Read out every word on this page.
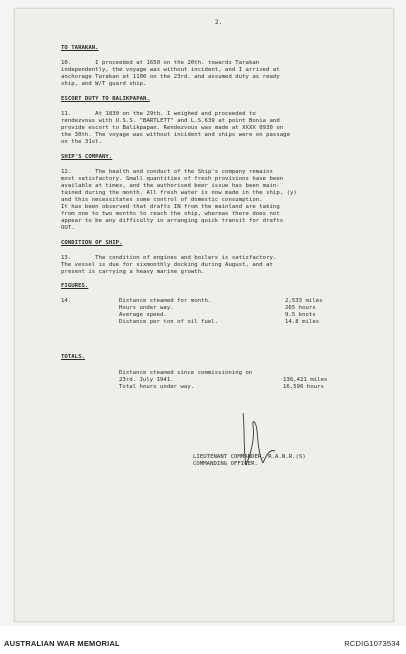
2.
TO TARAKAN.
10.       I proceeded at 1650 on the 20th. towards Tarakan
independently, the voyage was without incident, and I arrived at
anchorage Tarakan at 1100 on the 23rd. and assumed duty as ready
ship, and W/T guard ship.
ESCORT DUTY TO BALIKPAPAN.
11.       At 1830 on the 29th. I weighed and proceeded to
rendezvous with U.S.S. "BARTLETT" and L.S.639 at point Bonia and
provide escort to Balikpapan. Rendezvous was made at XXXX 0930 on
the 30th. The voyage was without incident and ships were on passage
on the 31st.
SHIP'S COMPANY.
12.       The health and conduct of the Ship's company remains
most satisfactory. Small quantities of fresh provisions have been
available at times, and the authorised beer issue has been main-
tained during the month. All fresh water is now made in the ship, (y)
and this necessitates some control of domestic consumption.
It has been observed that drafts IN from the mainland are taking
from one to two months to reach the ship, whereas there does not
appear to be any difficulty in arranging quick transit for drafts
OUT.
CONDITION OF SHIP.
13.       The condition of engines and boilers is satisfactory.
The vessel is due for sixmonthly docking during August, and at
present is carrying a heavy marine growth.
FIGURES.
14.	Distance steamed for month.	2,533 miles
Hours under way.	265 hours
Average speed.	9.5 knots
Distance per ton of oil fuel.	14.8 miles
TOTALS.
Distance steamed since commissioning on
23rd. July 1941.	136,421 miles
Total hours under way.	16,596 hours
LIEUTENANT COMMANDER, R.A.N.R.(S)
COMMANDING OFFICER.
AUSTRALIAN WAR MEMORIAL	RCDIG1073534
